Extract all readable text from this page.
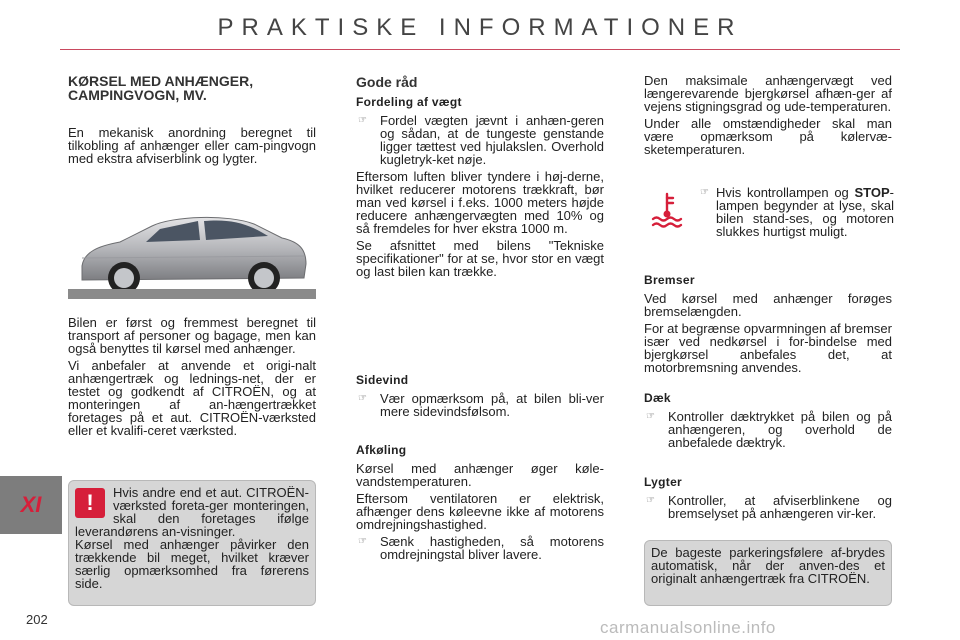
PRAKTISKE INFORMATIONER
XI
202	carmanualsonline.info
KØRSEL MED ANHÆNGER,
CAMPINGVOGN, MV.

En mekanisk anordning beregnet til tilkobling af anhænger eller cam-pingvogn med ekstra afviserblink og lygter.

Bilen er først og fremmest beregnet til transport af personer og bagage, men kan også benyttes til kørsel med anhænger.

Vi anbefaler at anvende et origi-nalt anhængertræk og lednings-net, der er testet og godkendt af CITROËN, og at monteringen af an-hængertrækket foretages på et aut. CITROËN-værksted eller et kvalifi-ceret værksted.

!	Hvis andre end et aut. CITROËN-værksted foreta-ger monteringen, skal den foretages ifølge leverandørens an-visninger.

Kørsel med anhænger påvirker den trækkende bil meget, hvilket kræver særlig opmærksomhed fra førerens side.

Gode råd
Fordeling af vægt
☞ Fordel vægten jævnt i anhæn-geren og sådan, at de tungeste genstande ligger tættest ved hjulakslen. Overhold kugletryk-ket nøje.

Eftersom luften bliver tyndere i høj-derne, hvilket reducerer motorens trækkraft, bør man ved kørsel i f.eks. 1000 meters højde reducere anhængervægten med 10% og så fremdeles for hver ekstra 1000 m.

Se afsnittet med bilens "Tekniske specifikationer" for at se, hvor stor en vægt og last bilen kan trække.

Sidevind
☞ Vær opmærksom på, at bilen bli-ver mere sidevindsfølsom.
Afkøling

Kørsel med anhænger øger køle-vandstemperaturen.

Eftersom ventilatoren er elektrisk, afhænger dens køleevne ikke af motorens omdrejningshastighed.

☞ Sænk hastigheden, så motorens omdrejningstal bliver lavere.

Den maksimale anhængervægt ved længerevarende bjergkørsel afhæn-ger af vejens stigningsgrad og ude-temperaturen.

Under alle omstændigheder skal man være opmærksom på kølervæ-sketemperaturen.

☞ Hvis kontrollampen og STOP-lampen begynder at lyse, skal bilen stand-ses, og motoren slukkes hurtigst muligt.
Bremser

Ved kørsel med anhænger forøges bremselængden.

For at begrænse opvarmningen af bremser især ved nedkørsel i for-bindelse med bjergkørsel anbefales det, at motorbremsning anvendes.

Dæk
☞ Kontroller dæktrykket på bilen og på anhængeren, og overhold de anbefalede dæktryk.
Lygter
☞ Kontroller, at afviserblinkene og bremselyset på anhængeren vir-ker.
De bageste parkeringsfølere af-brydes automatisk, når der anven-des et originalt anhængertræk fra CITROËN.
